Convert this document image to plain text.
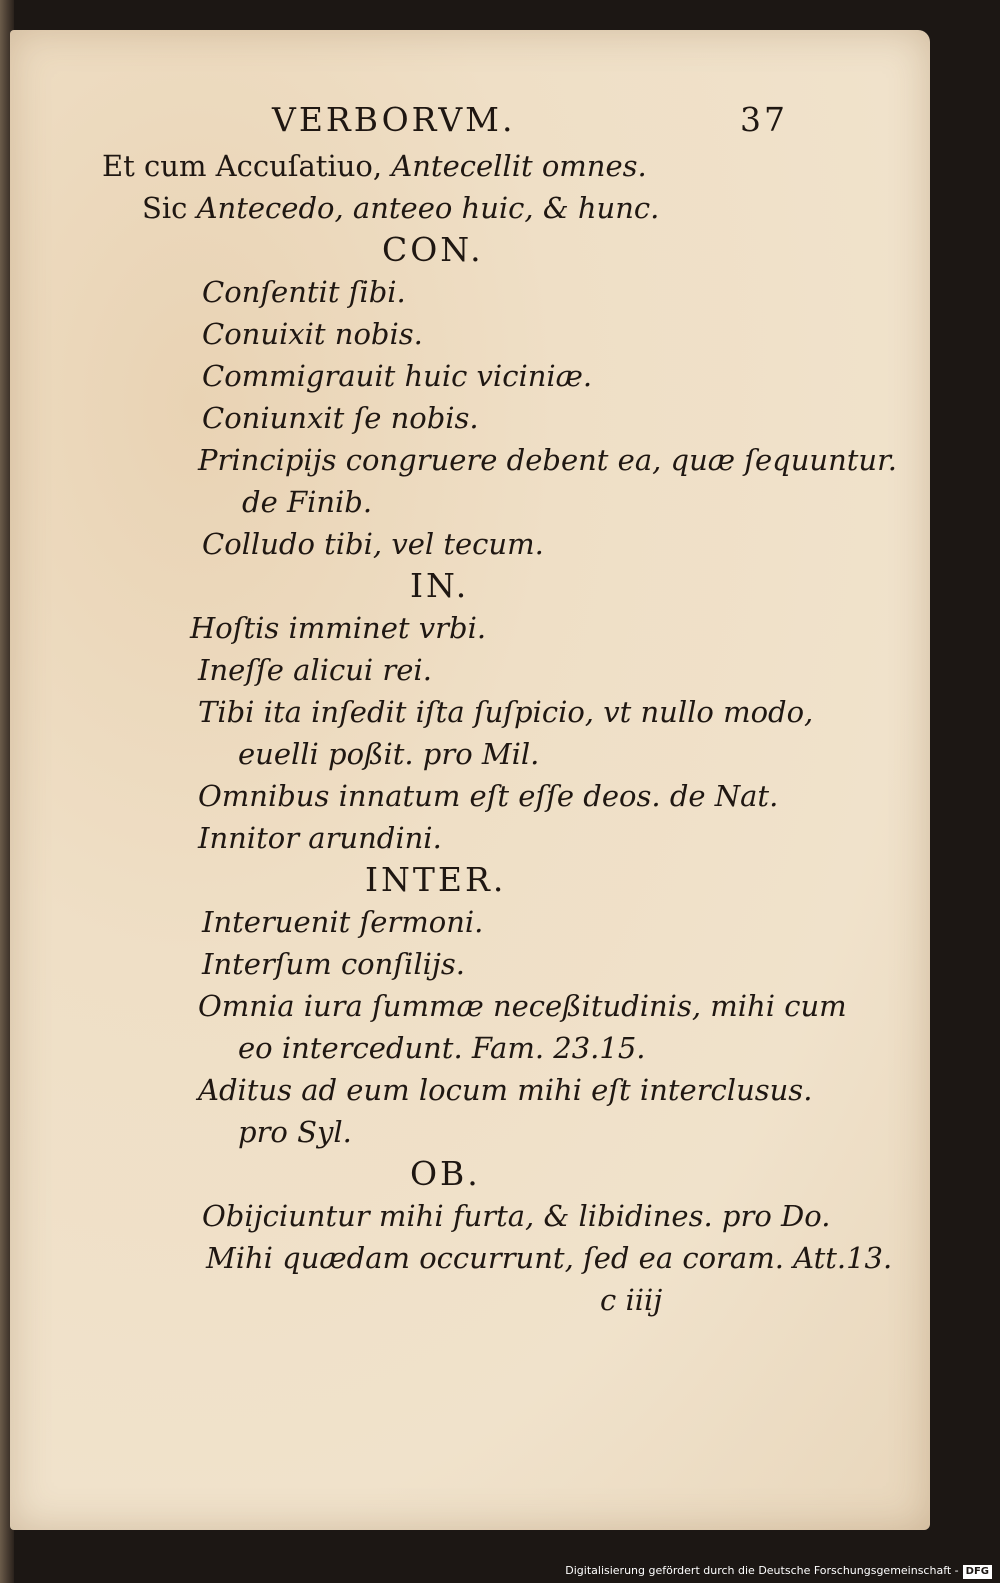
VERBORVM.	37
Et cum Accuſatiuo, Antecellit omnes.
Sic Antecedo, anteeo huic, & hunc.
CON.
Conſentit ſibi.
Conuixit nobis.
Commigrauit huic viciniæ.
Coniunxit ſe nobis.
Principijs congruere debent ea, quæ ſequuntur.
de Finib.
Colludo tibi, vel tecum.
IN.
Hoſtis imminet vrbi.
Ineſſe alicui rei.
Tibi ita inſedit iſta ſuſpicio, vt nullo modo,
euelli poßit. pro Mil.
Omnibus innatum eſt eſſe deos. de Nat.
Innitor arundini.
INTER.
Interuenit ſermoni.
Interſum conſilijs.
Omnia iura ſummæ neceßitudinis, mihi cum
eo intercedunt. Fam. 23.15.
Aditus ad eum locum mihi eſt interclusus.
pro Syl.
OB.
Obijciuntur mihi furta, & libidines. pro Do.
Mihi quædam occurrunt, ſed ea coram. Att.13.
c iiij
Digitalisierung gefördert durch die Deutsche Forschungsgemeinschaft - DFG
